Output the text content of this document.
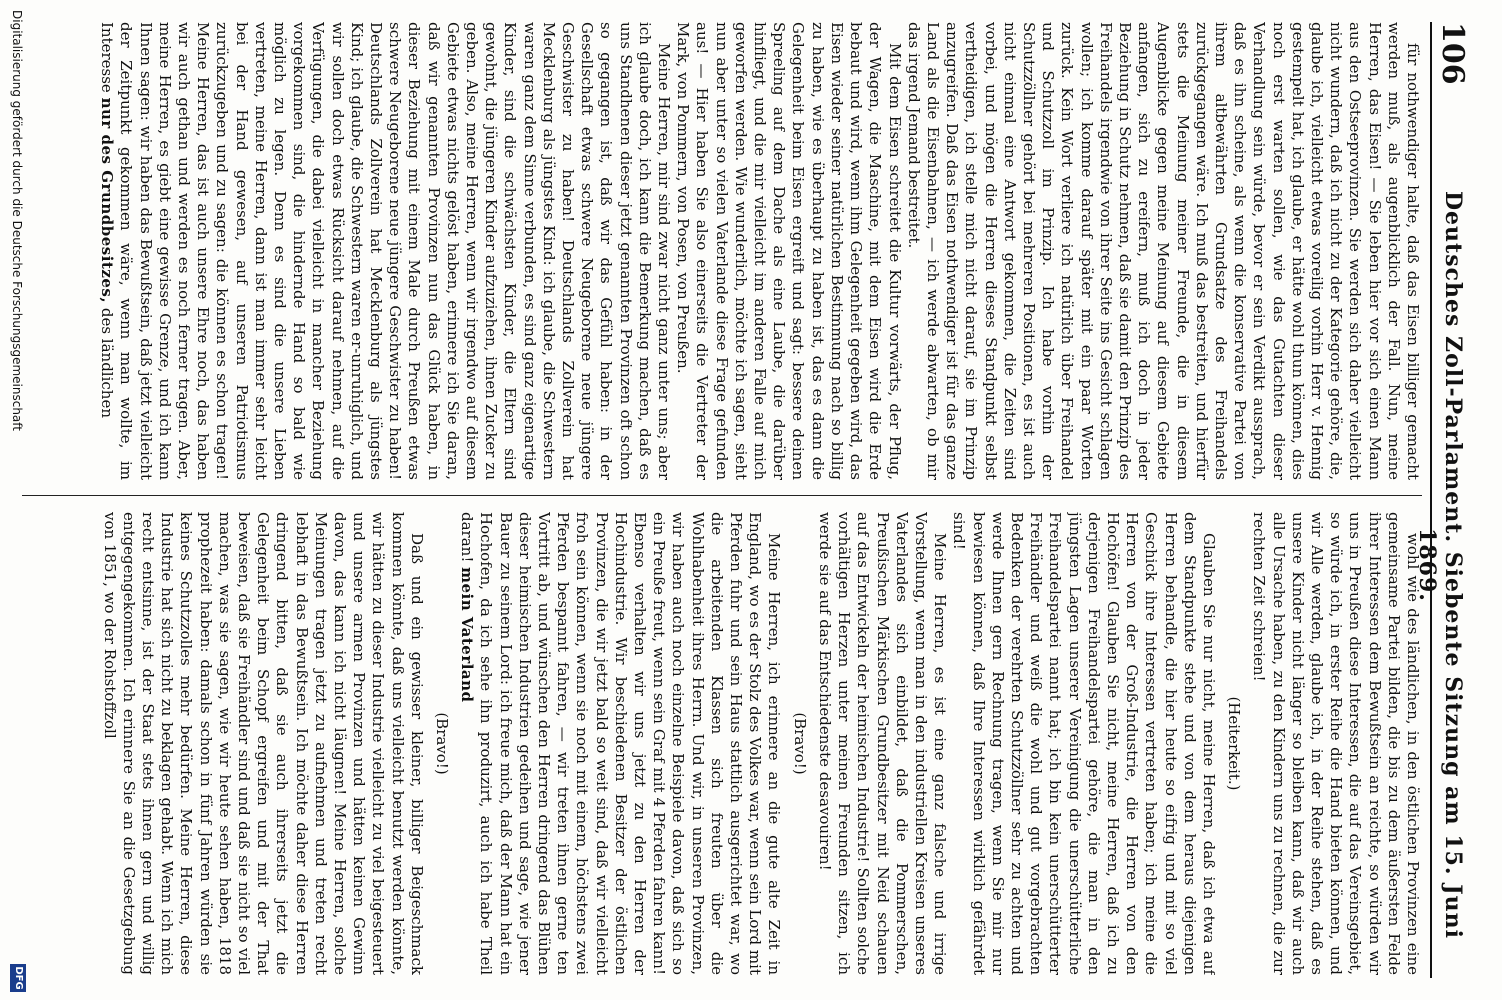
106
Deutsches Zoll-Parlament. Siebente Sitzung am 15. Juni 1869.

für nothwendiger halte, daß das Eisen billiger gemacht werden muß, als augenblicklich der Fall. Nun, meine Herren, das Eisen! — Sie leben hier vor sich einen Mann aus den Ostseeprovinzen. Sie werden sich daher vielleicht nicht wundern, daß ich nicht zu der Kategorie gehöre, die, glaube ich, vielleicht etwas voreilig vorhin Herr v. Hennig gestempelt hat, ich glaube, er hätte wohl thun können, dies noch erst warten sollen, wie das Gutachten dieser Verhandlung sein würde, bevor er sein Verdikt aussprach, daß es ihn scheine, als wenn die konservative Partei von ihrem altbewährten Grundsatze des Freihandels zurückgegangen wäre. Ich muß das bestreiten, und hierfür stets die Meinung meiner Freunde, die in diesem Augenblicke gegen meine Meinung auf diesem Gebiete anfangen, sich zu ereifern, muß ich doch in jeder Beziehung in Schutz nehmen, daß sie damit den Prinzip des Freihandels irgendwie von ihrer Seite ins Gesicht schlagen wollen; ich komme darauf später mit ein paar Worten zurück. Kein Wort verliere ich natürlich über Freihandel und Schutzzoll im Prinzip. Ich habe vorhin der Schutzzöllner gehört bei mehreren Positionen, es ist auch nicht einmal eine Antwort gekommen, die Zeiten sind vorbei, und mögen die Herren dieses Standpunkt selbst vertheidigen, ich stelle mich nicht darauf, sie im Prinzip anzugreifen. Daß das Eisen nothwendiger ist für das ganze Land als die Eisenbahnen, — ich werde abwarten, ob mir das irgend Jemand bestreitet.

Mit dem Eisen schreitet die Kultur vorwärts, der Pflug, der Wagen, die Maschine, mit dem Eisen wird die Erde bebaut und wird, wenn ihm Gelegenheit gegeben wird, das Eisen wieder seiner natürlichen Bestimmung nach so billig zu haben, wie es überhaupt zu haben ist, das es dann die Gelegenheit beim Eisen ergreift und sagt: bessere deinen Spreeling auf dem Dache als eine Laube, die darüber hinfliegt, und die mir vielleicht im anderen Falle auf mich geworfen werden. Wie wunderlich, möchte ich sagen, sieht nun aber unter so vielen Vaterlande diese Frage gefunden aus! — Hier haben Sie also einerseits die Vertreter der Mark, von Pommern, von Posen, von Preußen.

Meine Herren, mir sind zwar nicht ganz unter uns; aber ich glaube doch, ich kann die Bemerkung machen, daß es uns Standhenen dieser jetzt genannten Provinzen oft schon so gegangen ist, daß wir das Gefühl haben: in der Gesellschaft etwas schwere Neugeborene neue jüngere Geschwister zu haben! Deutschlands Zollverein hat Mecklenburg als jüngstes Kind: ich glaube, die Schwestern waren ganz dem Sinne verbunden, es sind ganz eigenartige Kinder, sind die schwächsten Kinder, die Eltern sind gewohnt, die jüngeren Kinder aufzuziehen, ihnen Zucker zu geben. Also, meine Herren, wenn wir irgendwo auf diesem Gebiete etwas nichts gelöst haben, erinnere ich Sie daran, daß wir genannten Provinzen nun das Glück haben, in dieser Beziehung mit einem Male durch Preußen etwas schwere Neugeborene neue jüngere Geschwister zu haben! Deutschlands Zollverein hat Mecklenburg als jüngstes Kind; ich glaube, die Schwestern waren er-unruhiglich, und wir sollen doch etwas Rücksicht darauf nehmen, auf die Verfügungen, die dabei vielleicht in mancher Beziehung vorgekommen sind, die hindernde Hand so bald wie möglich zu legen. Denn es sind die unsere Lieben vertreten, meine Herren, dann ist man immer sehr leicht bei der Hand gewesen, auf unseren Patriotismus zurückzugeben und zu sagen: die können es schon tragen! Meine Herren, das ist auch unsere Ehre noch, das haben wir auch gethan und werden es noch ferner tragen. Aber, meine Herren, es giebt eine gewisse Grenze, und ich kann Ihnen sagen: wir haben das Bewußtsein, daß jetzt vielleicht der Zeitpunkt gekommen wäre, wenn man wollte, im Interesse nur des Grundbesitzes, des ländlichen

wohl wie des ländlichen, in den östlichen Provinzen eine gemeinsame Partei bilden, die bis zu dem äußersten Felde ihrer Interessen dem Bewußtsein an reichte, so würden wir uns in Preußen diese Interessen, die auf das Vereinsgebiet, so würde ich, in erster Reihe die Hand bieten können, und wir Alle werden, glaube ich, in der Reihe stehen, daß es unsere Kinder nicht länger so bleiben kann, daß wir auch alle Ursache haben, zu den Kindern uns zu rechnen, die zur rechten Zeit schreien!

(Heiterkeit.)

Glauben Sie nur nicht, meine Herren, daß ich etwa auf dem Standpunkte stehe und von dem heraus diejenigen Herren behandle, die hier heute so eifrig und mit so viel Geschick ihre Interessen vertreten haben; ich meine die Herren von der Groß-Industrie, die Herren von den Hochöfen! Glauben Sie nicht, meine Herren, daß ich zu derjenigen Freihandelspartei gehöre, die man in den jüngsten Lagen unserer Vereinigung die unerschütterliche Freihandelspartei nannt hat; ich bin kein unerschütterter Freihändler und weiß die wohl und gut vorgebrachten Bedenken der verehrten Schutzzöllner sehr zu achten und werde Ihnen gern Rechnung tragen, wenn Sie mir nur bewiesen können, daß Ihre Interessen wirklich gefährdet sind!

Meine Herren, es ist eine ganz falsche und irrige Vorstellung, wenn man in den industriellen Kreisen unseres Vaterlandes sich einbildet, daß die Pommerschen, Preußischen Märkischen Grundbesitzer mit Neid schauen auf das Entwickeln der heimischen Industrie! Sollten solche vorhältigen Herzen unter meinen Freunden sitzen, ich werde sie auf das Entschiedenste desavouiren!

(Bravo!)

Meine Herren, ich erinnere an die gute alte Zeit in England, wo es der Stolz des Volkes war, wenn sein Lord mit Pferden fuhr und sein Haus stattlich ausgerichtet war, wo die arbeitenden Klassen sich freuten über die Wohlhabenheit ihres Herrn. Und wir, in unseren Provinzen, wir haben auch noch einzelne Beispiele davon, daß sich so ein Preuße freut, wenn sein Graf mit 4 Pferden fahren kann! Ebenso verhalten wir uns jetzt zu den Herren der Hochindustrie. Wir beschiedenen Besitzer der östlichen Provinzen, die wir jetzt bald so weit sind, daß wir vielleicht froh sein können, wenn sie noch mit einem, höchstens zwei Pferden bespannt fahren, — wir treten ihnen gerne ten Vortritt ab, und wünschen den Herren dringend das Blühen dieser heimischen Industrien gedeihen und sage, wie jener Bauer zu seinem Lord: ich freue mich, daß der Mann hat ein Hochofen, da ich sehe ihn produzirt, auch ich habe Theil daran! mein Vaterland

(Bravo!)

Daß und ein gewisser kleiner, billiger Beigeschmack kommen könnte, daß uns vielleicht benutzt werden könnte, wir hätten zu dieser Industrie vielleicht zu viel beigesteuert und unsere armen Provinzen und hätten keinen Gewinn davon, das kann ich nicht läugnen! Meine Herren, solche Meinungen tragen jetzt zu aufnehmen und treten recht lebhaft in das Bewußtsein. Ich möchte daher diese Herren dringend bitten, daß sie auch ihrerseits jetzt die Gelegenheit beim Schopf ergreifen und mit der That beweisen, daß sie Freihändler sind und daß sie nicht so viel machen, was sie sagen, wie wir heute sehen haben, 1818 prophezeit haben: damals schon in fünf Jahren würden sie keines Schutzzolles mehr bedürfen. Meine Herren, diese Industrie hat sich nicht zu beklagen gehabt. Wenn ich mich recht entsinne, ist der Staat stets ihnen gern und willig entgegengekommen. Ich erinnere Sie an die Gesetzgebung von 1851, wo der Rohstoffzoll

Digitalisierung gefördert durch die Deutsche Forschungsgemeinschaft
DFG
